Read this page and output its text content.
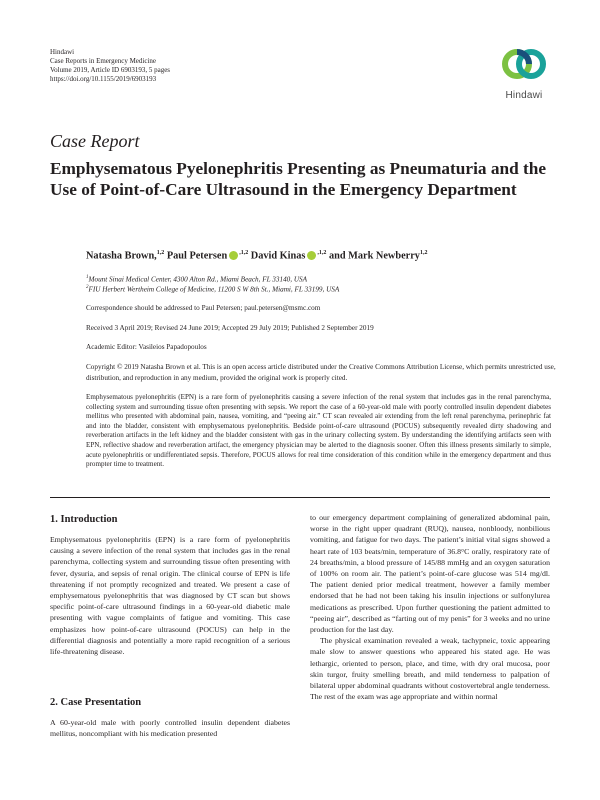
Hindawi
Case Reports in Emergency Medicine
Volume 2019, Article ID 6903193, 5 pages
https://doi.org/10.1155/2019/6903193
Hindawi
Case Report
Emphysematous Pyelonephritis Presenting as Pneumaturia and the Use of Point-of-Care Ultrasound in the Emergency Department
Natasha Brown,$^{1,2}$ Paul Petersen $^{,1,2}$ David Kinas $^{,1,2}$ and Mark Newberry$^{1,2}$
$^1$Mount Sinai Medical Center, 4300 Alton Rd., Miami Beach, FL 33140, USA
$^2$FIU Herbert Wertheim College of Medicine, 11200 S W 8th St., Miami, FL 33199, USA
Correspondence should be addressed to Paul Petersen; paul.petersen@msmc.com
Received 3 April 2019; Revised 24 June 2019; Accepted 29 July 2019; Published 2 September 2019
Academic Editor: Vasileios Papadopoulos
Copyright © 2019 Natasha Brown et al. This is an open access article distributed under the Creative Commons Attribution License, which permits unrestricted use, distribution, and reproduction in any medium, provided the original work is properly cited.
Emphysematous pyelonephritis (EPN) is a rare form of pyelonephritis causing a severe infection of the renal system that includes gas in the renal parenchyma, collecting system and surrounding tissue often presenting with sepsis. We report the case of a 60-year-old male with poorly controlled insulin dependent diabetes mellitus who presented with abdominal pain, nausea, vomiting, and “peeing air.” CT scan revealed air extending from the left renal parenchyma, perinephric fat and into the bladder, consistent with emphysematous pyelonephritis. Bedside point-of-care ultrasound (POCUS) subsequently revealed dirty shadowing and reverberation artifacts in the left kidney and the bladder consistent with gas in the urinary collecting system. By understanding the identifying artifacts seen with EPN, reflective shadow and reverberation artifact, the emergency physician may be alerted to the diagnosis sooner. Often this illness presents similarly to simple, acute pyelonephritis or undifferentiated sepsis. Therefore, POCUS allows for real time consideration of this condition while in the emergency department and thus prompter time to treatment.
1. Introduction

Emphysematous pyelonephritis (EPN) is a rare form of pyelonephritis causing a severe infection of the renal system that includes gas in the renal parenchyma, collecting system and surrounding tissue often presenting with fever, dysuria, and sepsis of renal origin. The clinical course of EPN is life threatening if not promptly recognized and treated. We present a case of emphysematous pyelonephritis that was diagnosed by CT scan but shows specific point-of-care ultrasound findings in a 60-year-old diabetic male presenting with vague complaints of fatigue and vomiting. This case emphasizes how point-of-care ultrasound (POCUS) can help in the differential diagnosis and potentially a more rapid recognition of a serious life-threatening disease.

2. Case Presentation

A 60-year-old male with poorly controlled insulin dependent diabetes mellitus, noncompliant with his medication presented

to our emergency department complaining of generalized abdominal pain, worse in the right upper quadrant (RUQ), nausea, nonbloody, nonbilious vomiting, and fatigue for two days. The patient’s initial vital signs showed a heart rate of 103 beats/min, temperature of 36.8°C orally, respiratory rate of 24 breaths/min, a blood pressure of 145/88 mmHg and an oxygen saturation of 100% on room air. The patient’s point-of-care glucose was 514 mg/dl. The patient denied prior medical treatment, however a family member endorsed that he had not been taking his insulin injections or sulfonylurea medications as prescribed. Upon further questioning the patient admitted to “peeing air”, described as “farting out of my penis” for 3 weeks and no urine production for the last day.

The physical examination revealed a weak, tachypneic, toxic appearing male slow to answer questions who appeared his stated age. He was lethargic, oriented to person, place, and time, with dry oral mucosa, poor skin turgor, fruity smelling breath, and mild tenderness to palpation of bilateral upper abdominal quadrants without costovertebral angle tenderness. The rest of the exam was age appropriate and within normal
